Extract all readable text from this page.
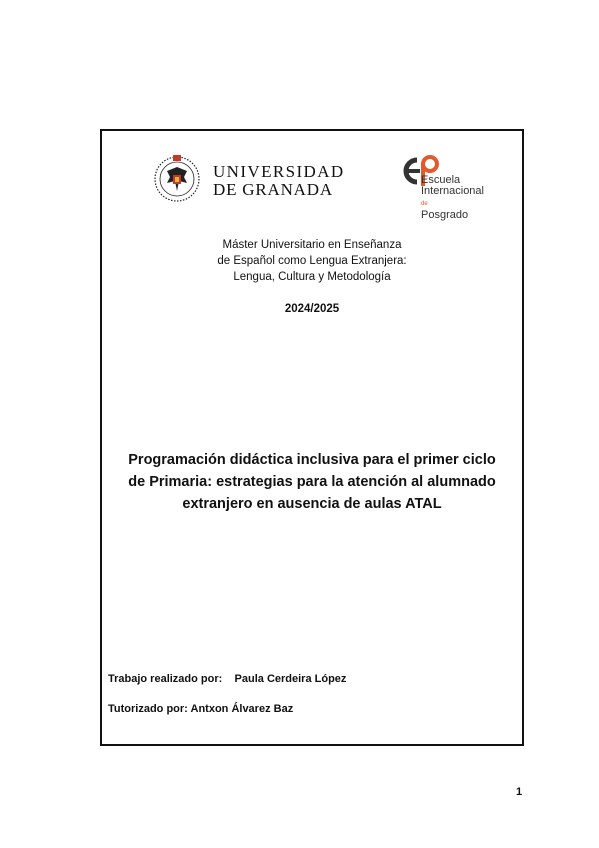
UNIVERSIDAD
DE GRANADA	Escuela
Internacional
de
Posgrado
Máster Universitario en Enseñanza
de Español como Lengua Extranjera:
Lengua, Cultura y Metodología
2024/2025
Programación didáctica inclusiva para el primer ciclo
de Primaria: estrategias para la atención al alumnado
extranjero en ausencia de aulas ATAL
Trabajo realizado por: Paula Cerdeira López
Tutorizado por: Antxon Álvarez Baz
1
